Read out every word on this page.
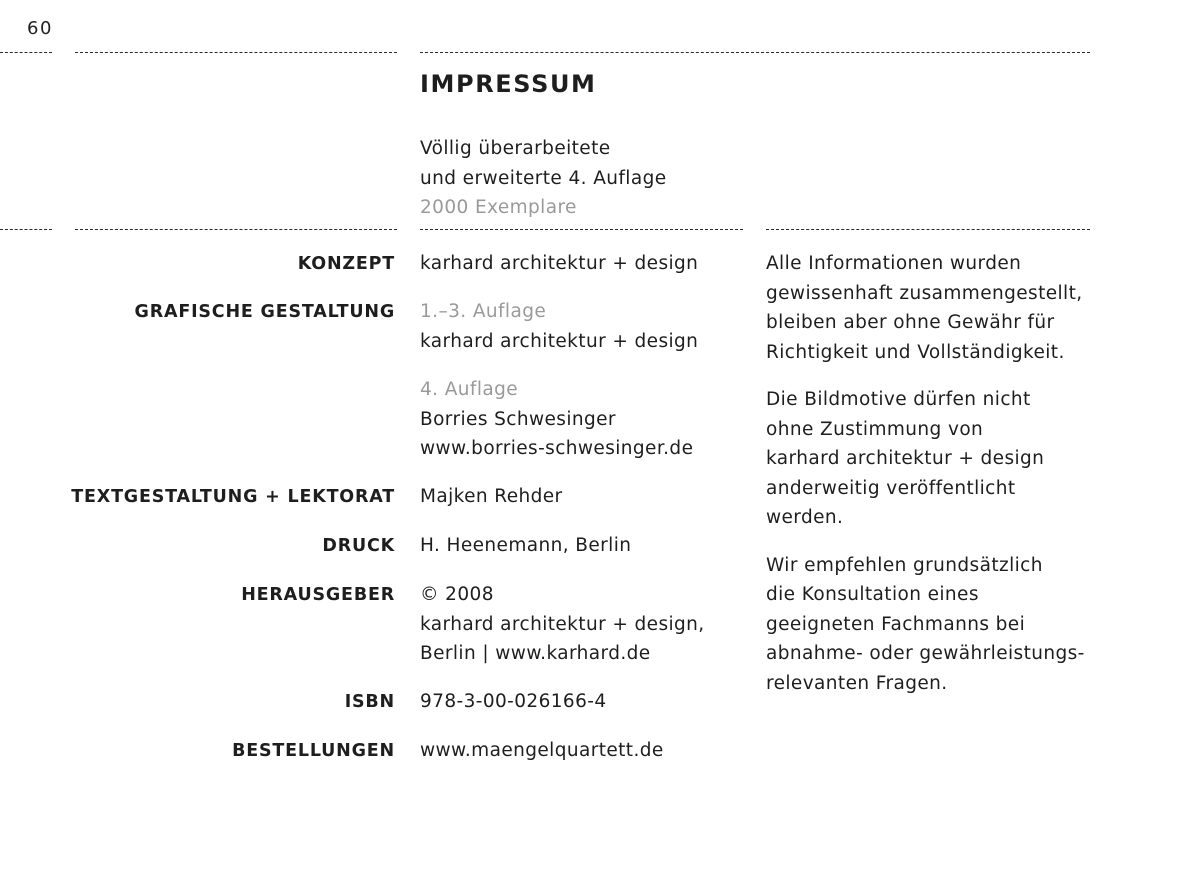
60
IMPRESSUM
Völlig überarbeitete
und erweiterte 4. Auflage
2000 Exemplare
KONZEPT karhard architektur + design
GRAFISCHE GESTALTUNG 1.–3. Auflage
karhard architektur + design
4. Auflage
Borries Schwesinger
www.borries-schwesinger.de
TEXTGESTALTUNG + LEKTORAT Majken Rehder
DRUCK H. Heenemann, Berlin
HERAUSGEBER © 2008
karhard architektur + design,
Berlin | www.karhard.de
ISBN 978-3-00-026166-4
BESTELLUNGEN www.maengelquartett.de

Alle Informationen wurden
gewissenhaft zusammengestellt,
bleiben aber ohne Gewähr für
Richtigkeit und Vollständigkeit.

Die Bildmotive dürfen nicht
ohne Zustimmung von
karhard architektur + design
anderweitig veröffentlicht
werden.

Wir empfehlen grundsätzlich
die Konsultation eines
geeigneten Fachmanns bei
abnahme- oder gewährleistungs-
relevanten Fragen.
